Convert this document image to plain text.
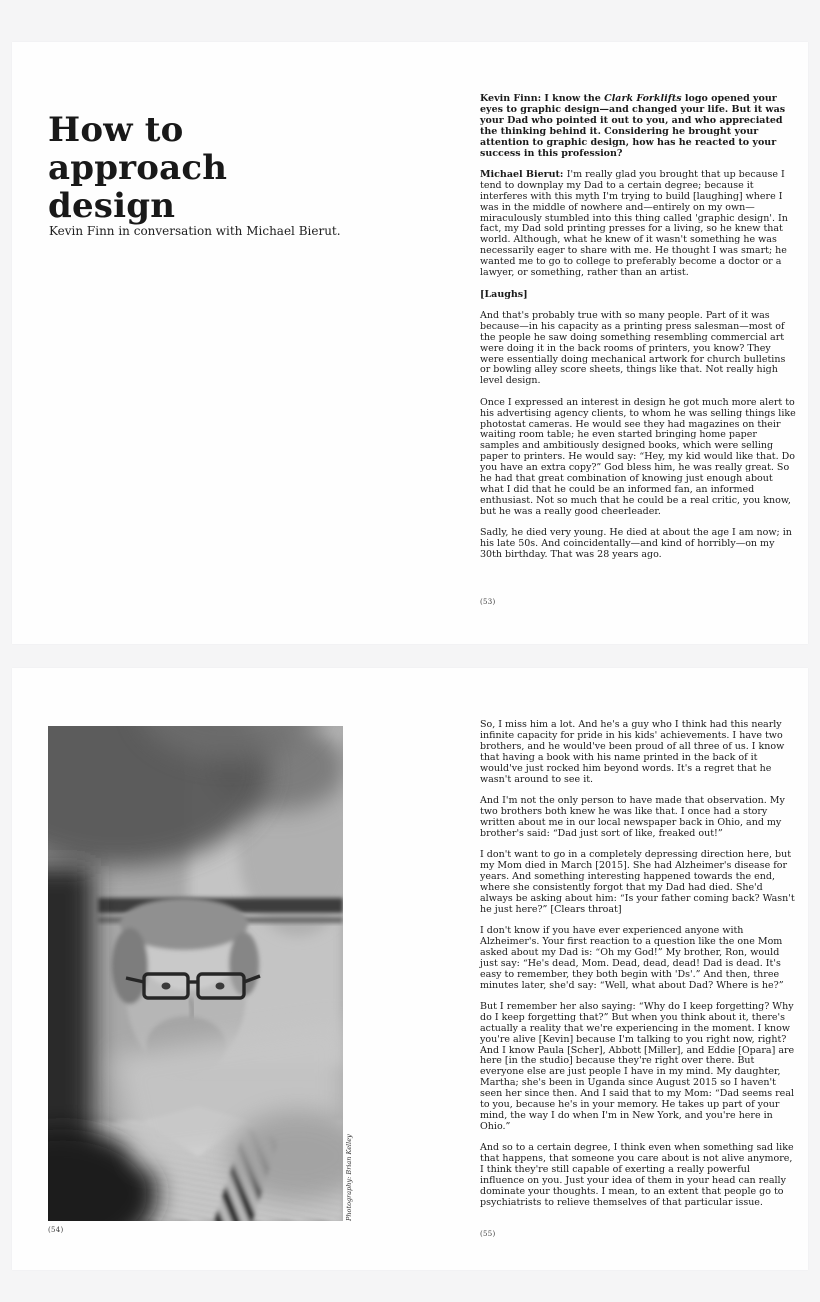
How to approach design
Kevin Finn in conversation with Michael Bierut.

Kevin Finn: I know the Clark Forklifts logo opened your eyes to graphic design—and changed your life. But it was your Dad who pointed it out to you, and who appreciated the thinking behind it. Considering he brought your attention to graphic design, how has he reacted to your success in this profession?

Michael Bierut: I'm really glad you brought that up because I tend to downplay my Dad to a certain degree; because it interferes with this myth I'm trying to build [laughing] where I was in the middle of nowhere and—entirely on my own—miraculously stumbled into this thing called 'graphic design'. In fact, my Dad sold printing presses for a living, so he knew that world. Although, what he knew of it wasn't something he was necessarily eager to share with me. He thought I was smart; he wanted me to go to college to preferably become a doctor or a lawyer, or something, rather than an artist.

[Laughs]

And that's probably true with so many people. Part of it was because—in his capacity as a printing press salesman—most of the people he saw doing something resembling commercial art were doing it in the back rooms of printers, you know? They were essentially doing mechanical artwork for church bulletins or bowling alley score sheets, things like that. Not really high level design.

Once I expressed an interest in design he got much more alert to his advertising agency clients, to whom he was selling things like photostat cameras. He would see they had magazines on their waiting room table; he even started bringing home paper samples and ambitiously designed books, which were selling paper to printers. He would say: “Hey, my kid would like that. Do you have an extra copy?” God bless him, he was really great. So he had that great combination of knowing just enough about what I did that he could be an informed fan, an informed enthusiast. Not so much that he could be a real critic, you know, but he was a really good cheerleader.

Sadly, he died very young. He died at about the age I am now; in his late 50s. And coincidentally—and kind of horribly—on my 30th birthday. That was 28 years ago.

(53)
Photography: Brian Kelley
(54)

So, I miss him a lot. And he's a guy who I think had this nearly infinite capacity for pride in his kids' achievements. I have two brothers, and he would've been proud of all three of us. I know that having a book with his name printed in the back of it would've just rocked him beyond words. It's a regret that he wasn't around to see it.

And I'm not the only person to have made that observation. My two brothers both knew he was like that. I once had a story written about me in our local newspaper back in Ohio, and my brother's said: “Dad just sort of like, freaked out!”

I don't want to go in a completely depressing direction here, but my Mom died in March [2015]. She had Alzheimer's disease for years. And something interesting happened towards the end, where she consistently forgot that my Dad had died. She'd always be asking about him: “Is your father coming back? Wasn't he just here?” [Clears throat]

I don't know if you have ever experienced anyone with Alzheimer's. Your first reaction to a question like the one Mom asked about my Dad is: “Oh my God!” My brother, Ron, would just say: “He's dead, Mom. Dead, dead, dead! Dad is dead. It's easy to remember, they both begin with 'Ds'.” And then, three minutes later, she'd say: “Well, what about Dad? Where is he?”

But I remember her also saying: “Why do I keep forgetting? Why do I keep forgetting that?” But when you think about it, there's actually a reality that we're experiencing in the moment. I know you're alive [Kevin] because I'm talking to you right now, right? And I know Paula [Scher], Abbott [Miller], and Eddie [Opara] are here [in the studio] because they're right over there. But everyone else are just people I have in my mind. My daughter, Martha; she's been in Uganda since August 2015 so I haven't seen her since then. And I said that to my Mom: “Dad seems real to you, because he's in your memory. He takes up part of your mind, the way I do when I'm in New York, and you're here in Ohio.”

And so to a certain degree, I think even when something sad like that happens, that someone you care about is not alive anymore, I think they're still capable of exerting a really powerful influence on you. Just your idea of them in your head can really dominate your thoughts. I mean, to an extent that people go to psychiatrists to relieve themselves of that particular issue.

(55)
